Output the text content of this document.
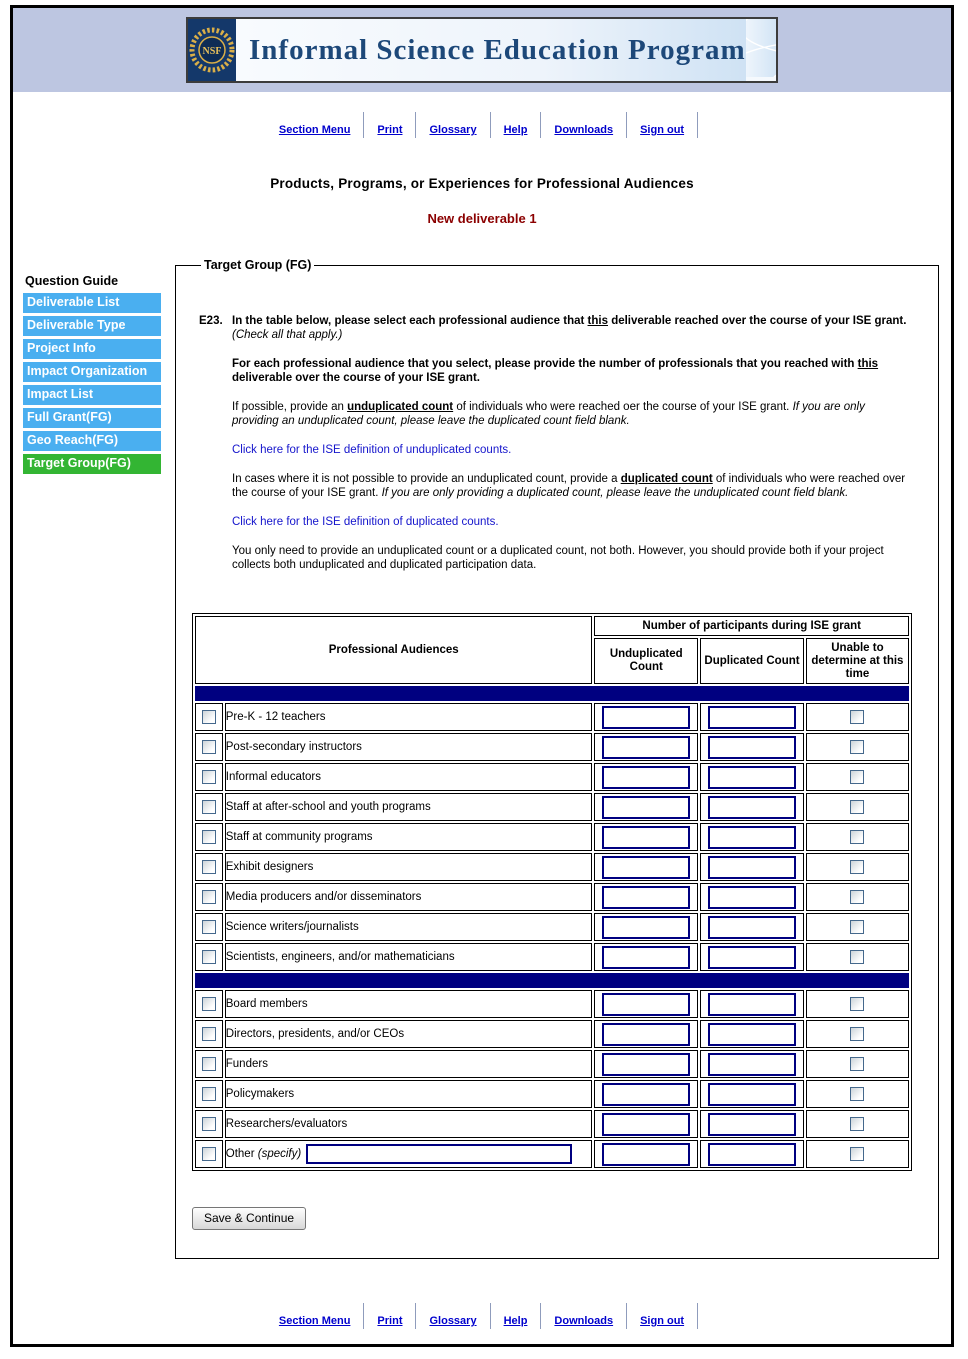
NSF Informal Science Education Program
Section Menu Print Glossary Help Downloads Sign out
Products, Programs, or Experiences for Professional Audiences
New deliverable 1
Question Guide
Deliverable List
Deliverable Type
Project Info
Impact Organization
Impact List
Full Grant(FG)
Geo Reach(FG)
Target Group(FG)
Target Group (FG)
E23. In the table below, please select each professional audience that this deliverable reached over the course of your ISE grant. (Check all that apply.)

For each professional audience that you select, please provide the number of professionals that you reached with this deliverable over the course of your ISE grant.

If possible, provide an unduplicated count of individuals who were reached oer the course of your ISE grant. If you are only providing an unduplicated count, please leave the duplicated count field blank.

Click here for the ISE definition of unduplicated counts.

In cases where it is not possible to provide an unduplicated count, provide a duplicated count of individuals who were reached over the course of your ISE grant. If you are only providing a duplicated count, please leave the unduplicated count field blank.

Click here for the ISE definition of duplicated counts.

You only need to provide an unduplicated count or a duplicated count, not both. However, you should provide both if your project collects both unduplicated and duplicated participation data.

Professional Audiences		Number of participants during ISE grant		
		Unduplicated Count	Duplicated Count	Unable to determine at this time

	Pre-K - 12 teachers			
	Post-secondary instructors			
	Informal educators			
	Staff at after-school and youth programs			
	Staff at community programs			
	Exhibit designers			
	Media producers and/or disseminators			
	Science writers/journalists			
	Scientists, engineers, and/or mathematicians			

	Board members			
	Directors, presidents, and/or CEOs			
	Funders			
	Policymakers			
	Researchers/evaluators			

	Other
(specify)

Save & Continue
Section Menu Print Glossary Help Downloads Sign out
